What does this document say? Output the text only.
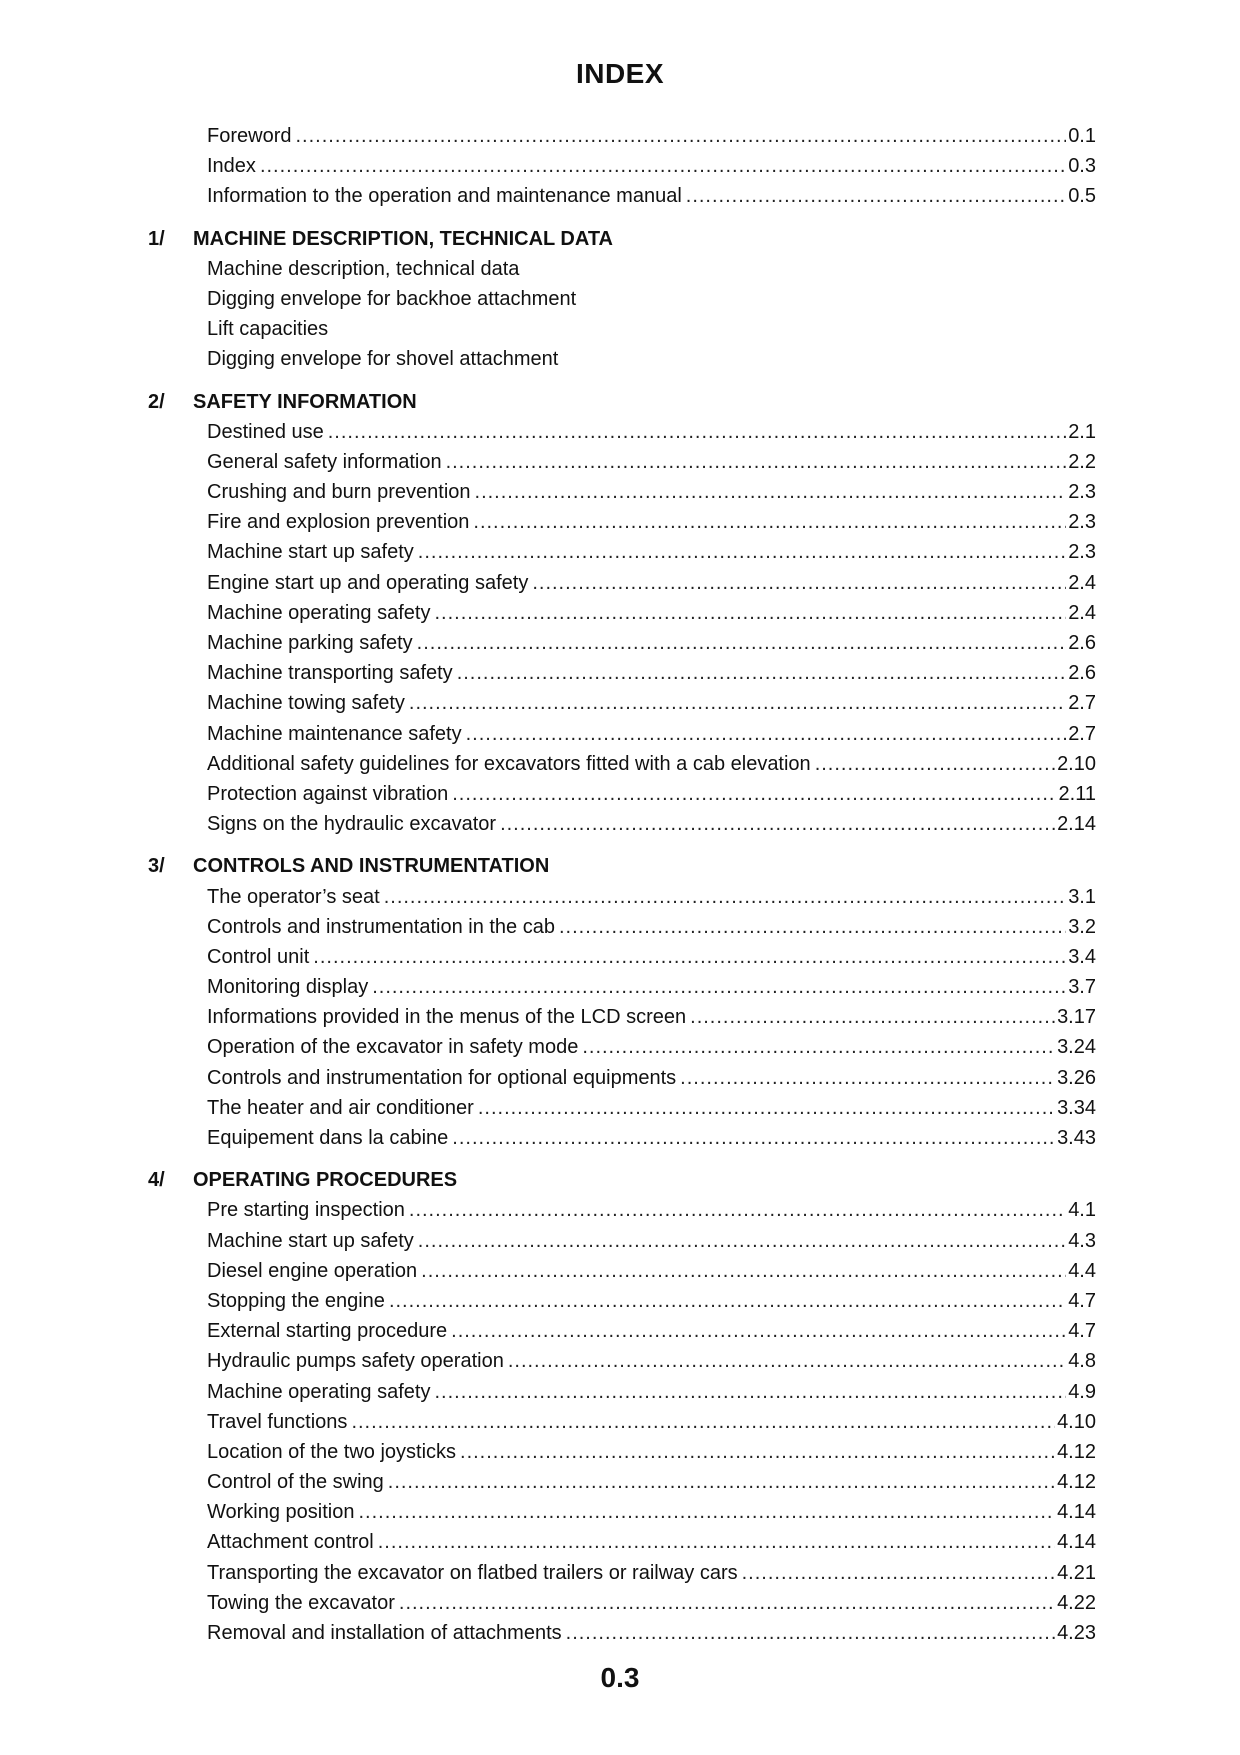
INDEX
Foreword .....	0.1
Index .....	0.3
Information to the operation and maintenance manual .....	0.5
1/	MACHINE DESCRIPTION, TECHNICAL DATA
Machine description, technical data
Digging envelope for backhoe attachment
Lift capacities
Digging envelope for shovel attachment
2/	SAFETY INFORMATION
Destined use .....	2.1
General safety information .....	2.2
Crushing and burn prevention .....	2.3
Fire and explosion prevention .....	2.3
Machine start up safety .....	2.3
Engine start up and operating safety .....	2.4
Machine operating safety .....	2.4
Machine parking safety .....	2.6
Machine transporting safety .....	2.6
Machine towing safety .....	2.7
Machine maintenance safety .....	2.7
Additional safety guidelines for excavators fitted with a cab elevation .....	2.10
Protection against vibration .....	2.11
Signs on the hydraulic excavator .....	2.14
3/	CONTROLS AND INSTRUMENTATION
The operator’s seat .....	3.1
Controls and instrumentation in the cab .....	3.2
Control unit .....	3.4
Monitoring display .....	3.7
Informations provided in the menus of the LCD screen .....	3.17
Operation of the excavator in safety mode .....	3.24
Controls and instrumentation for optional equipments .....	3.26
The heater and air conditioner .....	3.34
Equipement dans la cabine .....	3.43
4/	OPERATING PROCEDURES
Pre starting inspection .....	4.1
Machine start up safety .....	4.3
Diesel engine operation .....	4.4
Stopping the engine .....	4.7
External starting procedure .....	4.7
Hydraulic pumps safety operation .....	4.8
Machine operating safety .....	4.9
Travel functions .....	4.10
Location of the two joysticks .....	4.12
Control of the swing .....	4.12
Working position .....	4.14
Attachment control .....	4.14
Transporting the excavator on flatbed trailers or railway cars .....	4.21
Towing the excavator .....	4.22
Removal and installation of attachments .....	4.23
0.3
